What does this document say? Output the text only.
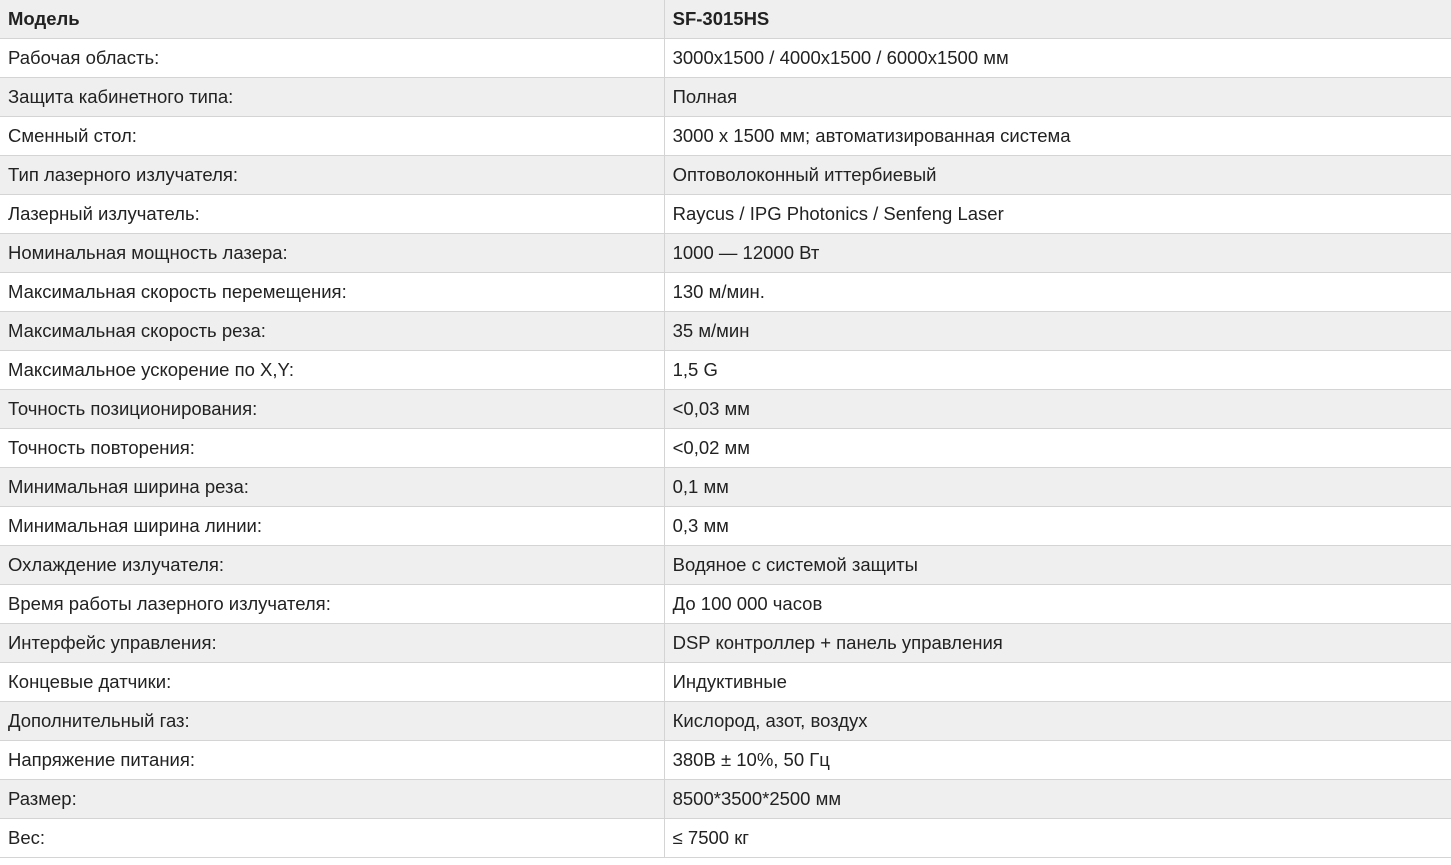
Модель	SF-3015HS
Рабочая область:	3000x1500 / 4000x1500 / 6000x1500 мм
Защита кабинетного типа:	Полная
Сменный стол:	3000 x 1500 мм; автоматизированная система
Тип лазерного излучателя:	Оптоволоконный иттербиевый
Лазерный излучатель:	Raycus / IPG Photonics / Senfeng Laser
Номинальная мощность лазера:	1000 — 12000 Вт
Максимальная скорость перемещения:	130 м/мин.
Максимальная скорость реза:	35 м/мин
Максимальное ускорение по X,Y:	1,5 G
Точность позиционирования:	<0,03 мм
Точность повторения:	<0,02 мм
Минимальная ширина реза:	0,1 мм
Минимальная ширина линии:	0,3 мм
Охлаждение излучателя:	Водяное с системой защиты
Время работы лазерного излучателя:	До 100 000 часов
Интерфейс управления:	DSP контроллер + панель управления
Концевые датчики:	Индуктивные
Дополнительный газ:	Кислород, азот, воздух
Напряжение питания:	380В ± 10%, 50 Гц
Размер:	8500*3500*2500 мм
Вес:	≤ 7500 кг
